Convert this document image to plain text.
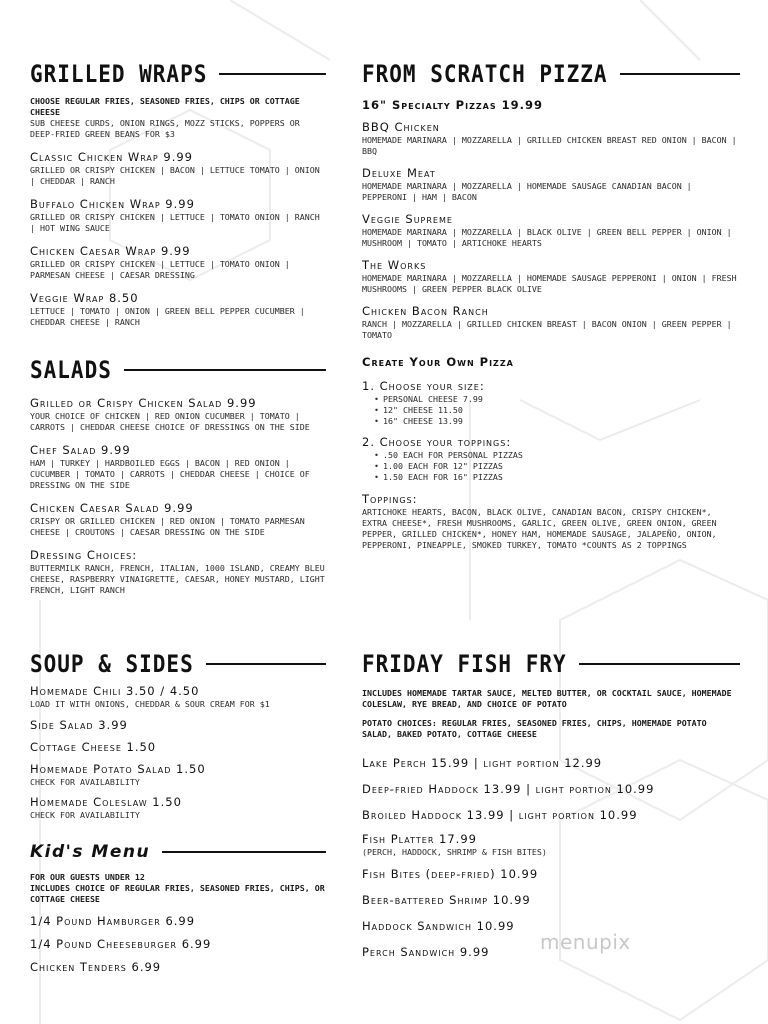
GRILLED WRAPS
CHOOSE REGULAR FRIES, SEASONED FRIES, CHIPS OR COTTAGE CHEESE
SUB CHEESE CURDS, ONION RINGS, MOZZ STICKS, POPPERS OR DEEP-FRIED GREEN BEANS FOR $3
Classic Chicken Wrap 9.99
GRILLED OR CRISPY CHICKEN | BACON | LETTUCE TOMATO | ONION | CHEDDAR | RANCH
Buffalo Chicken Wrap 9.99
GRILLED OR CRISPY CHICKEN | LETTUCE | TOMATO ONION | RANCH | HOT WING SAUCE
Chicken Caesar Wrap 9.99
GRILLED OR CRISPY CHICKEN | LETTUCE | TOMATO ONION | PARMESAN CHEESE | CAESAR DRESSING
Veggie Wrap 8.50
LETTUCE | TOMATO | ONION | GREEN BELL PEPPER CUCUMBER | CHEDDAR CHEESE | RANCH
SALADS
Grilled or Crispy Chicken Salad 9.99
YOUR CHOICE OF CHICKEN | RED ONION CUCUMBER | TOMATO | CARROTS | CHEDDAR CHEESE CHOICE OF DRESSINGS ON THE SIDE
Chef Salad 9.99
HAM | TURKEY | HARDBOILED EGGS | BACON | RED ONION | CUCUMBER | TOMATO | CARROTS | CHEDDAR CHEESE | CHOICE OF DRESSING ON THE SIDE
Chicken Caesar Salad 9.99
CRISPY OR GRILLED CHICKEN | RED ONION | TOMATO PARMESAN CHEESE | CROUTONS | CAESAR DRESSING ON THE SIDE
Dressing Choices:
BUTTERMILK RANCH, FRENCH, ITALIAN, 1000 ISLAND, CREAMY BLEU CHEESE, RASPBERRY VINAIGRETTE, CAESAR, HONEY MUSTARD, LIGHT FRENCH, LIGHT RANCH
SOUP & SIDES
Homemade Chili 3.50 / 4.50
LOAD IT WITH ONIONS, CHEDDAR & SOUR CREAM FOR $1
Side Salad 3.99
Cottage Cheese 1.50
Homemade Potato Salad 1.50
CHECK FOR AVAILABILITY
Homemade Coleslaw 1.50
CHECK FOR AVAILABILITY
Kid's Menu
FOR OUR GUESTS UNDER 12
INCLUDES CHOICE OF REGULAR FRIES, SEASONED FRIES, CHIPS, OR COTTAGE CHEESE
1/4 Pound Hamburger 6.99
1/4 Pound Cheeseburger 6.99
Chicken Tenders 6.99
FROM SCRATCH PIZZA
16" Specialty Pizzas 19.99
BBQ Chicken
HOMEMADE MARINARA | MOZZARELLA | GRILLED CHICKEN BREAST RED ONION | BACON | BBQ
Deluxe Meat
HOMEMADE MARINARA | MOZZARELLA | HOMEMADE SAUSAGE CANADIAN BACON | PEPPERONI | HAM | BACON
Veggie Supreme
HOMEMADE MARINARA | MOZZARELLA | BLACK OLIVE | GREEN BELL PEPPER | ONION | MUSHROOM | TOMATO | ARTICHOKE HEARTS
The Works
HOMEMADE MARINARA | MOZZARELLA | HOMEMADE SAUSAGE PEPPERONI | ONION | FRESH MUSHROOMS | GREEN PEPPER BLACK OLIVE
Chicken Bacon Ranch
RANCH | MOZZARELLA | GRILLED CHICKEN BREAST | BACON ONION | GREEN PEPPER | TOMATO
Create Your Own Pizza
1. Choose your size:
• PERSONAL CHEESE 7.99
• 12" CHEESE 11.50
• 16" CHEESE 13.99
2. Choose your toppings:
• .50 EACH FOR PERSONAL PIZZAS
• 1.00 EACH FOR 12" PIZZAS
• 1.50 EACH FOR 16" PIZZAS
Toppings:
ARTICHOKE HEARTS, BACON, BLACK OLIVE, CANADIAN BACON, CRISPY CHICKEN*, EXTRA CHEESE*, FRESH MUSHROOMS, GARLIC, GREEN OLIVE, GREEN ONION, GREEN PEPPER, GRILLED CHICKEN*, HONEY HAM, HOMEMADE SAUSAGE, JALAPEÑO, ONION, PEPPERONI, PINEAPPLE, SMOKED TURKEY, TOMATO *COUNTS AS 2 TOPPINGS
FRIDAY FISH FRY
INCLUDES HOMEMADE TARTAR SAUCE, MELTED BUTTER, OR COCKTAIL SAUCE, HOMEMADE COLESLAW, RYE BREAD, AND CHOICE OF POTATO
POTATO CHOICES: REGULAR FRIES, SEASONED FRIES, CHIPS, HOMEMADE POTATO SALAD, BAKED POTATO, COTTAGE CHEESE
Lake Perch 15.99 | light portion 12.99
Deep-fried Haddock 13.99 | light portion 10.99
Broiled Haddock 13.99 | light portion 10.99
Fish Platter 17.99
(PERCH, HADDOCK, SHRIMP & FISH BITES)
Fish Bites (deep-fried) 10.99
Beer-battered Shrimp 10.99
Haddock Sandwich 10.99
Perch Sandwich 9.99	menupix
